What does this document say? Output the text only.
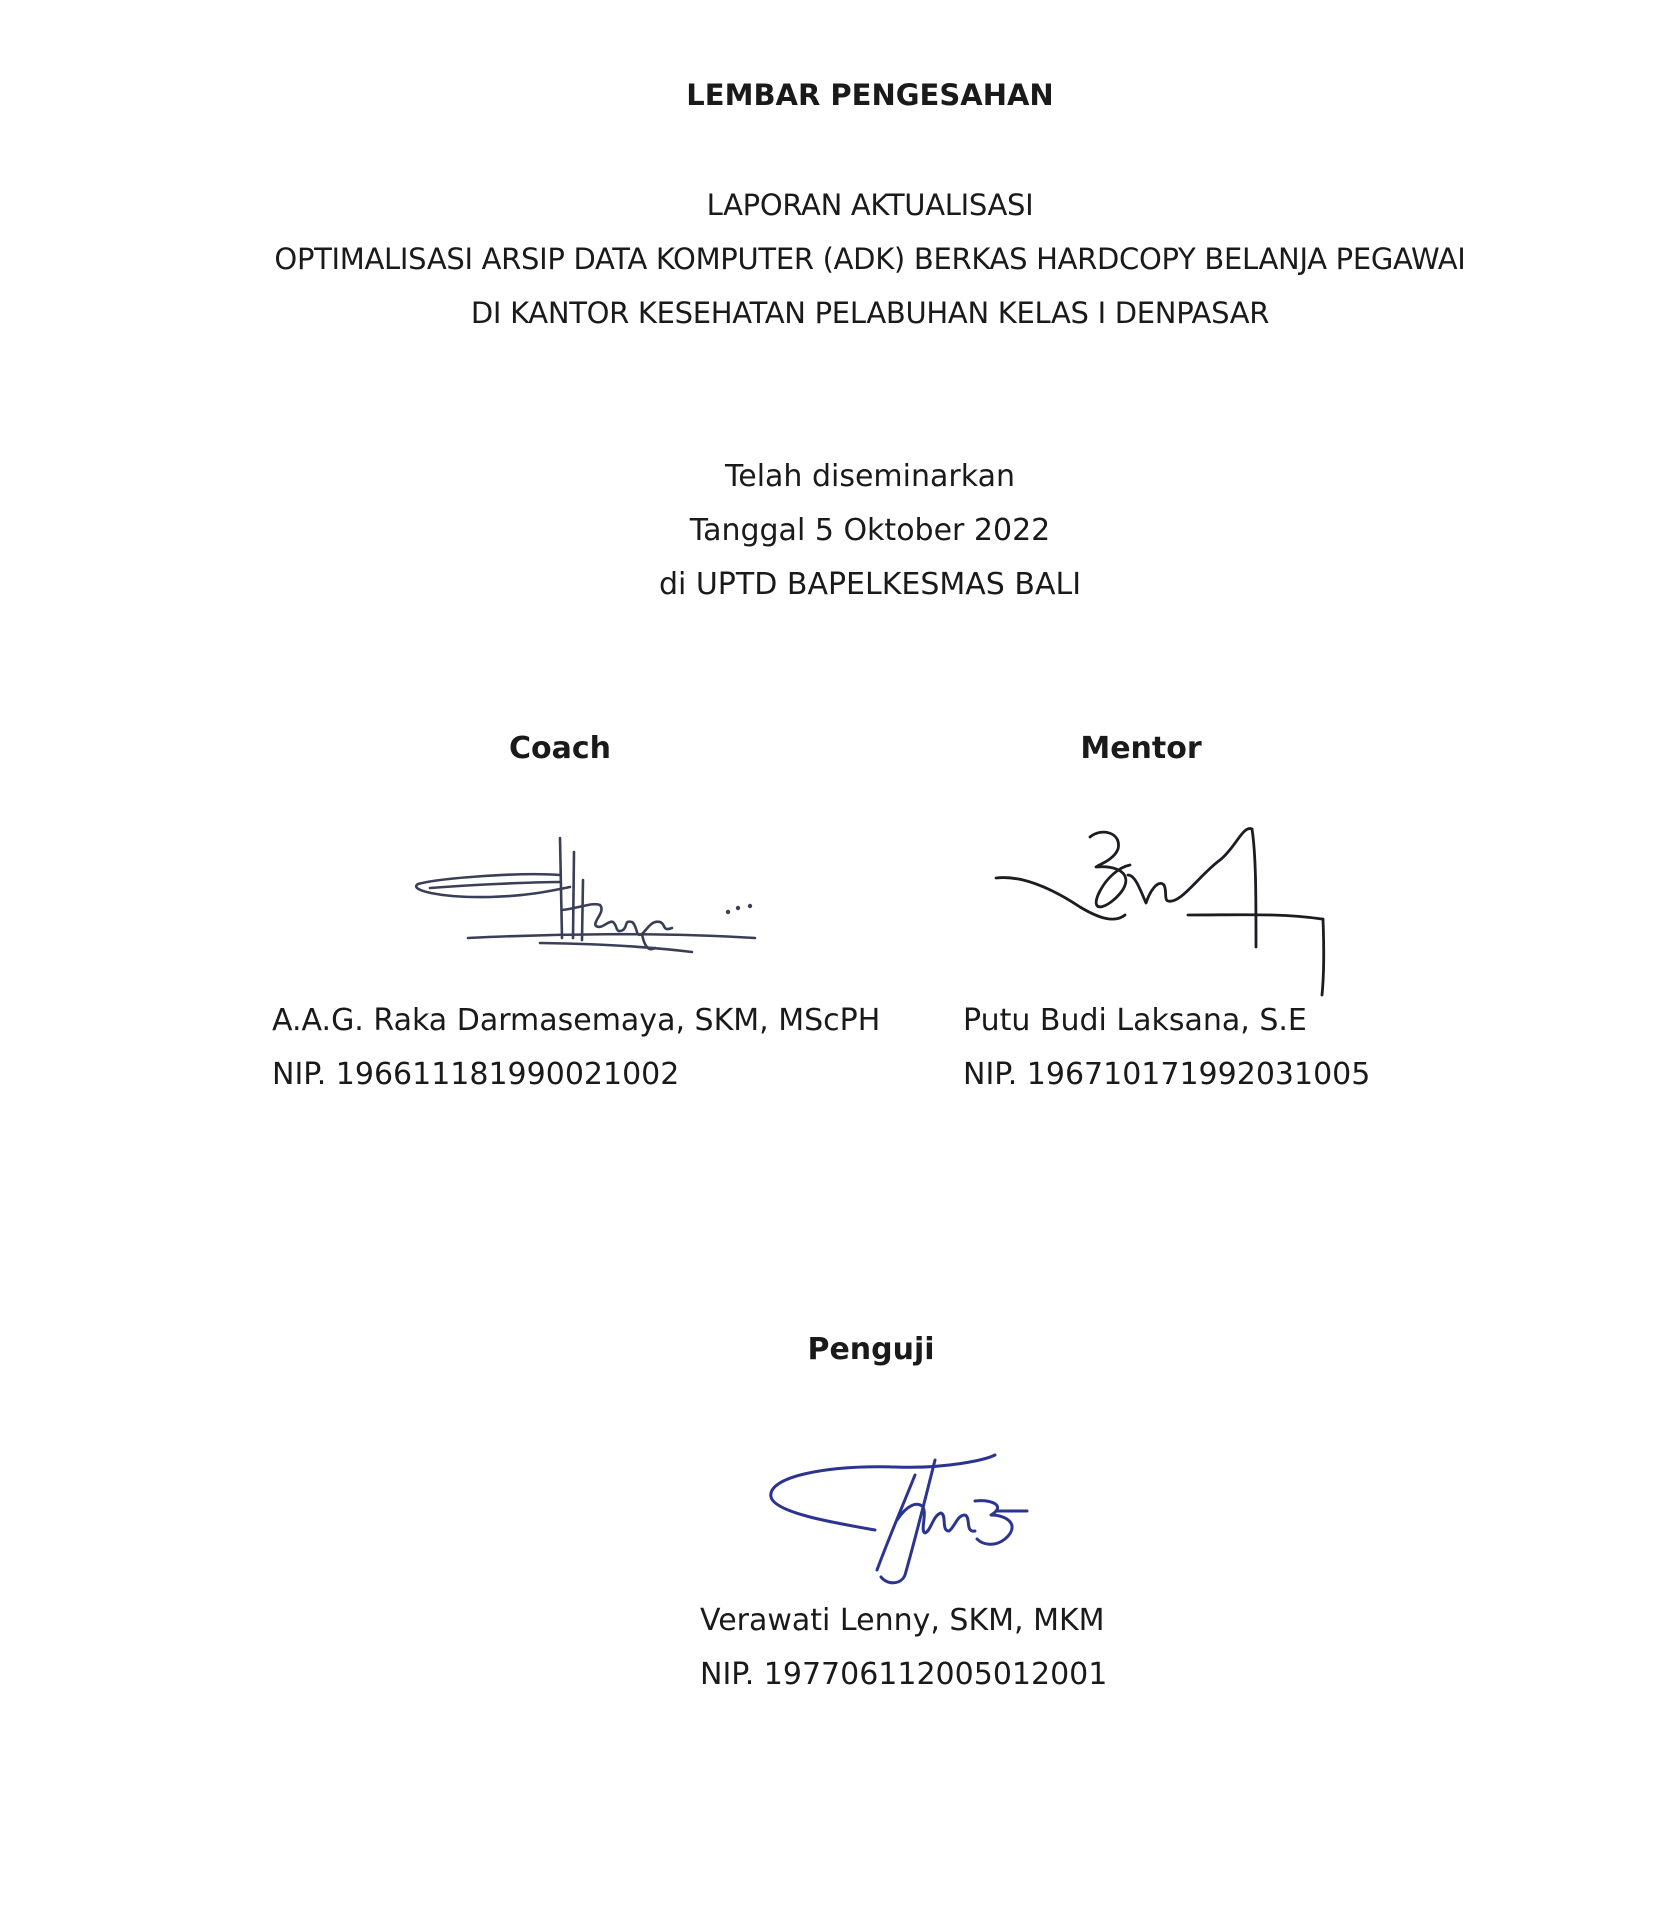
LEMBAR PENGESAHAN
LAPORAN AKTUALISASI
OPTIMALISASI ARSIP DATA KOMPUTER (ADK) BERKAS HARDCOPY BELANJA PEGAWAI
DI KANTOR KESEHATAN PELABUHAN KELAS I DENPASAR
Telah diseminarkan
Tanggal 5 Oktober 2022
di UPTD BAPELKESMAS BALI
Coach
A.A.G. Raka Darmasemaya, SKM, MScPH
NIP. 196611181990021002
Mentor
Putu Budi Laksana, S.E
NIP. 196710171992031005
Penguji
Verawati Lenny, SKM, MKM
NIP. 197706112005012001
